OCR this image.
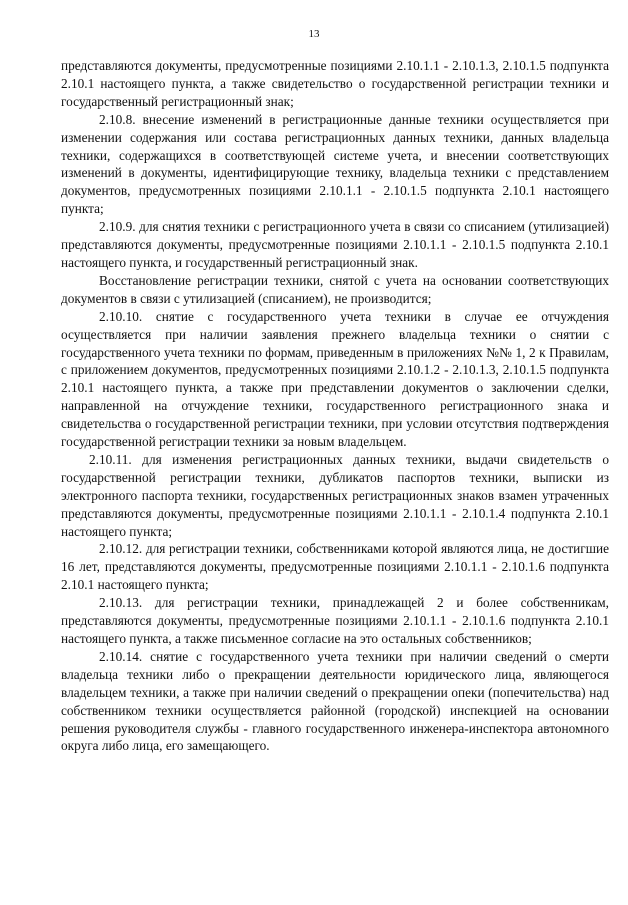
13

представляются документы, предусмотренные позициями 2.10.1.1 - 2.10.1.3, 2.10.1.5 подпункта 2.10.1 настоящего пункта, а также свидетельство о государственной регистрации техники и государственный регистрационный знак;

2.10.8. внесение изменений в регистрационные данные техники осуществляется при изменении содержания или состава регистрационных данных техники, данных владельца техники, содержащихся в соответствующей системе учета, и внесении соответствующих изменений в документы, идентифицирующие технику, владельца техники с представлением документов, предусмотренных позициями 2.10.1.1 - 2.10.1.5 подпункта 2.10.1 настоящего пункта;

2.10.9. для снятия техники с регистрационного учета в связи со списанием (утилизацией) представляются документы, предусмотренные позициями 2.10.1.1 - 2.10.1.5 подпункта 2.10.1 настоящего пункта, и государственный регистрационный знак.

Восстановление регистрации техники, снятой с учета на основании соответствующих документов в связи с утилизацией (списанием), не производится;

2.10.10. снятие с государственного учета техники в случае ее отчуждения осуществляется при наличии заявления прежнего владельца техники о снятии с государственного учета техники по формам, приведенным в приложениях №№ 1, 2 к Правилам, с приложением документов, предусмотренных позициями 2.10.1.2 - 2.10.1.3, 2.10.1.5 подпункта 2.10.1 настоящего пункта, а также при представлении документов о заключении сделки, направленной на отчуждение техники, государственного регистрационного знака и свидетельства о государственной регистрации техники, при условии отсутствия подтверждения государственной регистрации техники за новым владельцем.

2.10.11. для изменения регистрационных данных техники, выдачи свидетельств о государственной регистрации техники, дубликатов паспортов техники, выписки из электронного паспорта техники, государственных регистрационных знаков взамен утраченных представляются документы, предусмотренные позициями 2.10.1.1 - 2.10.1.4 подпункта 2.10.1 настоящего пункта;

2.10.12. для регистрации техники, собственниками которой являются лица, не достигшие 16 лет, представляются документы, предусмотренные позициями 2.10.1.1 - 2.10.1.6 подпункта 2.10.1 настоящего пункта;

2.10.13. для регистрации техники, принадлежащей 2 и более собственникам, представляются документы, предусмотренные позициями 2.10.1.1 - 2.10.1.6 подпункта 2.10.1 настоящего пункта, а также письменное согласие на это остальных собственников;

2.10.14. снятие с государственного учета техники при наличии сведений о смерти владельца техники либо о прекращении деятельности юридического лица, являющегося владельцем техники, а также при наличии сведений о прекращении опеки (попечительства) над собственником техники осуществляется районной (городской) инспекцией на основании решения руководителя службы - главного государственного инженера-инспектора автономного округа либо лица, его замещающего.
